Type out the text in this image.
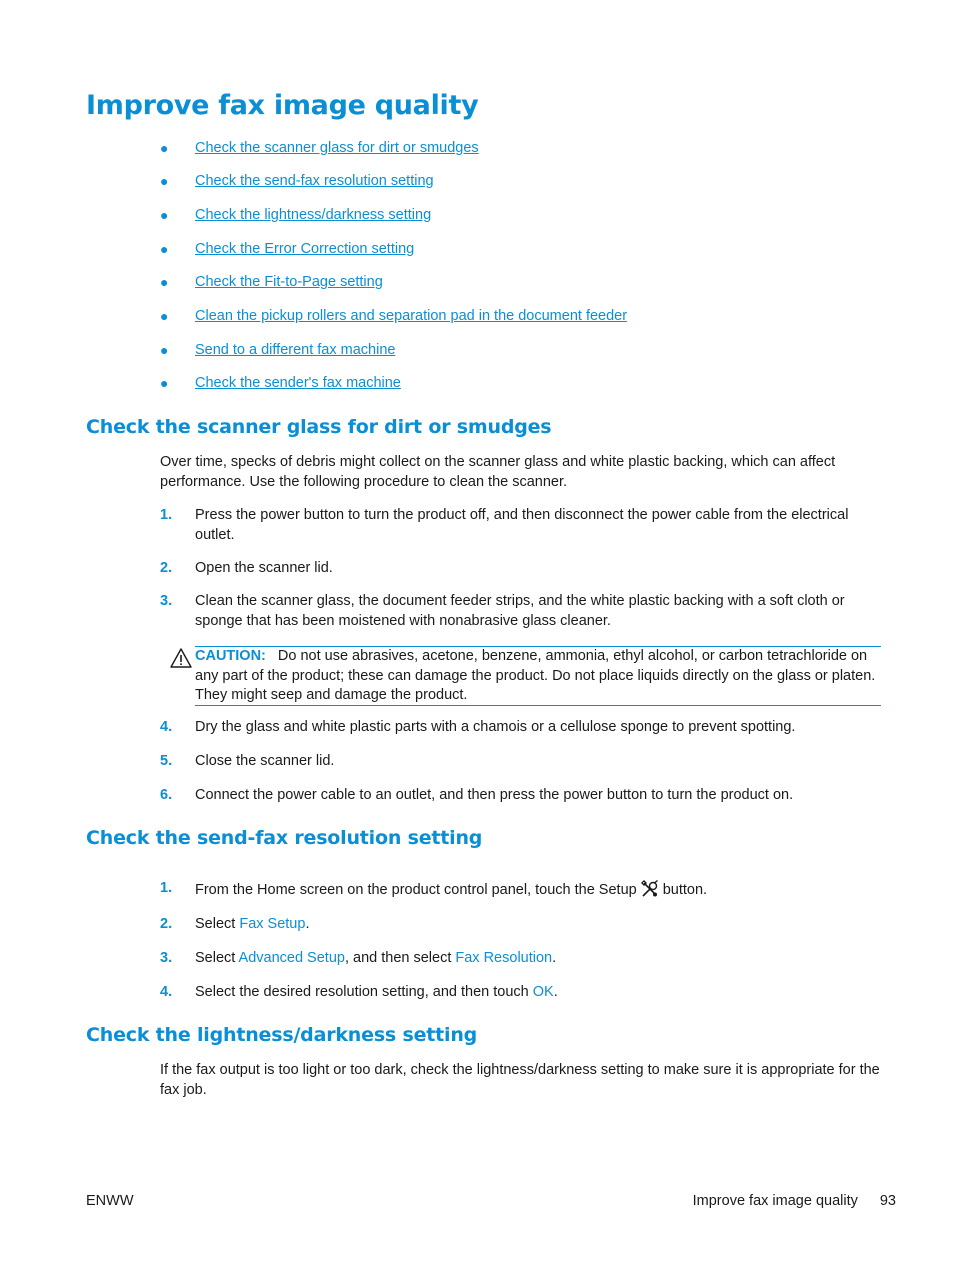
Improve fax image quality
● Check the scanner glass for dirt or smudges
● Check the send-fax resolution setting
● Check the lightness/darkness setting
● Check the Error Correction setting
● Check the Fit-to-Page setting
● Clean the pickup rollers and separation pad in the document feeder
● Send to a different fax machine
● Check the sender's fax machine
Check the scanner glass for dirt or smudges

Over time, specks of debris might collect on the scanner glass and white plastic backing, which can affect performance. Use the following procedure to clean the scanner.

1. Press the power button to turn the product off, and then disconnect the power cable from the electrical outlet.
2. Open the scanner lid.
3. Clean the scanner glass, the document feeder strips, and the white plastic backing with a soft cloth or sponge that has been moistened with nonabrasive glass cleaner.
CAUTION: Do not use abrasives, acetone, benzene, ammonia, ethyl alcohol, or carbon tetrachloride on any part of the product; these can damage the product. Do not place liquids directly on the glass or platen. They might seep and damage the product.
4. Dry the glass and white plastic parts with a chamois or a cellulose sponge to prevent spotting.
5. Close the scanner lid.
6. Connect the power cable to an outlet, and then press the power button to turn the product on.
Check the send-fax resolution setting
1. From the Home screen on the product control panel, touch the Setup button.
2. Select Fax Setup.
3. Select Advanced Setup, and then select Fax Resolution.
4. Select the desired resolution setting, and then touch OK.
Check the lightness/darkness setting

If the fax output is too light or too dark, check the lightness/darkness setting to make sure it is appropriate for the fax job.

ENWW	Improve fax image quality 93
